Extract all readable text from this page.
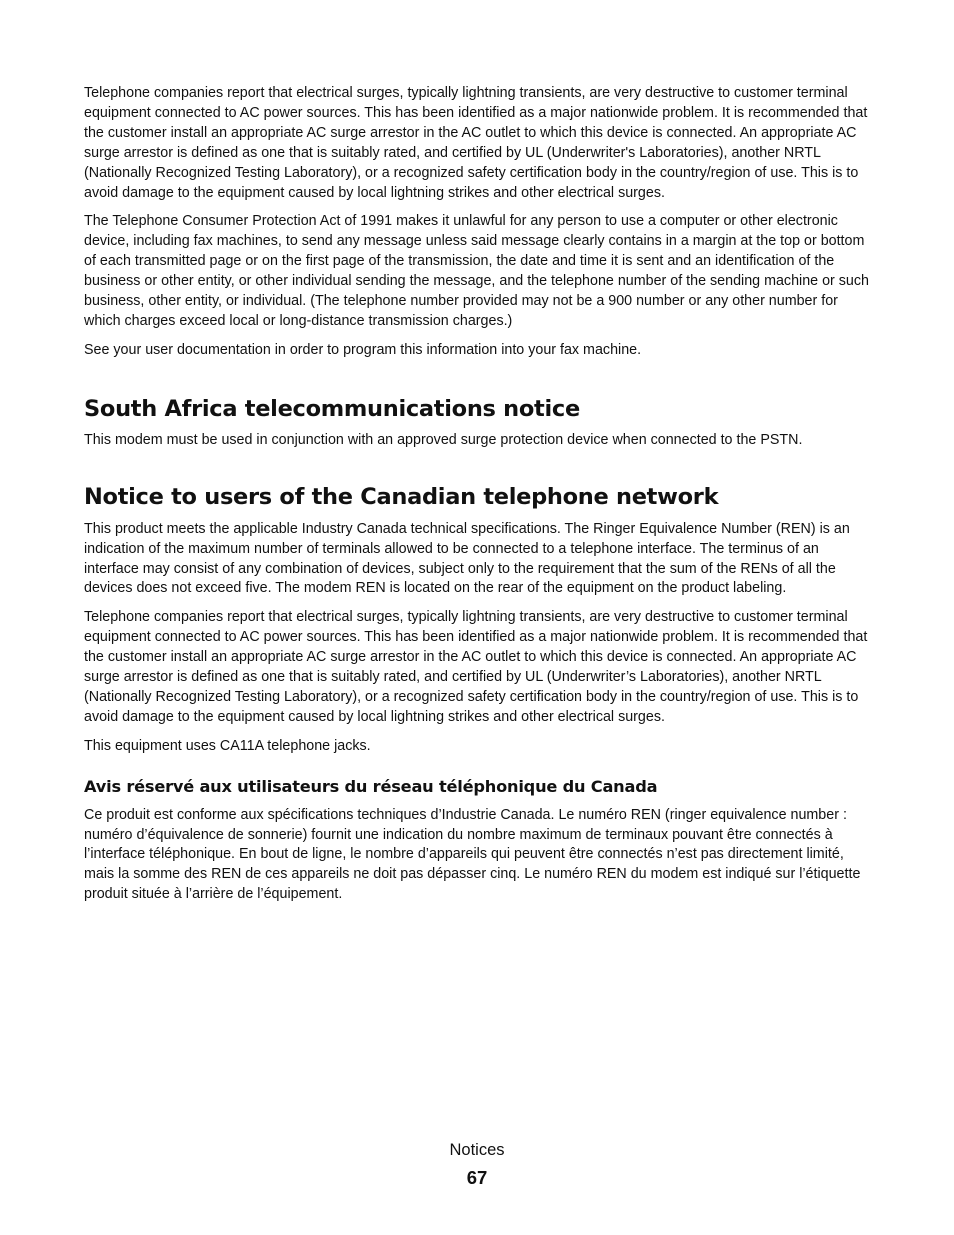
Telephone companies report that electrical surges, typically lightning transients, are very destructive to customer terminal equipment connected to AC power sources. This has been identified as a major nationwide problem. It is recommended that the customer install an appropriate AC surge arrestor in the AC outlet to which this device is connected. An appropriate AC surge arrestor is defined as one that is suitably rated, and certified by UL (Underwriter's Laboratories), another NRTL (Nationally Recognized Testing Laboratory), or a recognized safety certification body in the country/region of use. This is to avoid damage to the equipment caused by local lightning strikes and other electrical surges.

The Telephone Consumer Protection Act of 1991 makes it unlawful for any person to use a computer or other electronic device, including fax machines, to send any message unless said message clearly contains in a margin at the top or bottom of each transmitted page or on the first page of the transmission, the date and time it is sent and an identification of the business or other entity, or other individual sending the message, and the telephone number of the sending machine or such business, other entity, or individual. (The telephone number provided may not be a 900 number or any other number for which charges exceed local or long-distance transmission charges.)

See your user documentation in order to program this information into your fax machine.

South Africa telecommunications notice

This modem must be used in conjunction with an approved surge protection device when connected to the PSTN.

Notice to users of the Canadian telephone network

This product meets the applicable Industry Canada technical specifications. The Ringer Equivalence Number (REN) is an indication of the maximum number of terminals allowed to be connected to a telephone interface. The terminus of an interface may consist of any combination of devices, subject only to the requirement that the sum of the RENs of all the devices does not exceed five. The modem REN is located on the rear of the equipment on the product labeling.

Telephone companies report that electrical surges, typically lightning transients, are very destructive to customer terminal equipment connected to AC power sources. This has been identified as a major nationwide problem. It is recommended that the customer install an appropriate AC surge arrestor in the AC outlet to which this device is connected. An appropriate AC surge arrestor is defined as one that is suitably rated, and certified by UL (Underwriter’s Laboratories), another NRTL (Nationally Recognized Testing Laboratory), or a recognized safety certification body in the country/region of use. This is to avoid damage to the equipment caused by local lightning strikes and other electrical surges.

This equipment uses CA11A telephone jacks.

Avis réservé aux utilisateurs du réseau téléphonique du Canada

Ce produit est conforme aux spécifications techniques d’Industrie Canada. Le numéro REN (ringer equivalence number : numéro d’équivalence de sonnerie) fournit une indication du nombre maximum de terminaux pouvant être connectés à l’interface téléphonique. En bout de ligne, le nombre d’appareils qui peuvent être connectés n’est pas directement limité, mais la somme des REN de ces appareils ne doit pas dépasser cinq. Le numéro REN du modem est indiqué sur l’étiquette produit située à l’arrière de l’équipement.

Notices
67
